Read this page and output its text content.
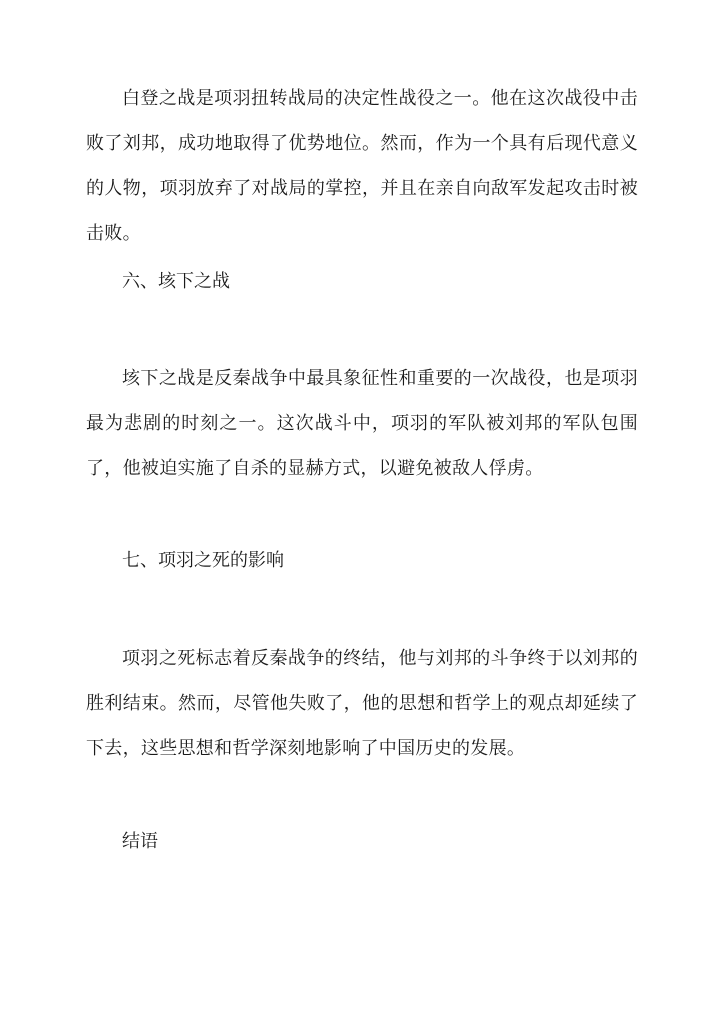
白登之战是项羽扭转战局的决定性战役之一。他在这次战役中击败了刘邦，成功地取得了优势地位。然而，作为一个具有后现代意义的人物，项羽放弃了对战局的掌控，并且在亲自向敌军发起攻击时被击败。

六、垓下之战

垓下之战是反秦战争中最具象征性和重要的一次战役，也是项羽最为悲剧的时刻之一。这次战斗中，项羽的军队被刘邦的军队包围了，他被迫实施了自杀的显赫方式，以避免被敌人俘虏。

七、项羽之死的影响

项羽之死标志着反秦战争的终结，他与刘邦的斗争终于以刘邦的胜利结束。然而，尽管他失败了，他的思想和哲学上的观点却延续了下去，这些思想和哲学深刻地影响了中国历史的发展。

结语
